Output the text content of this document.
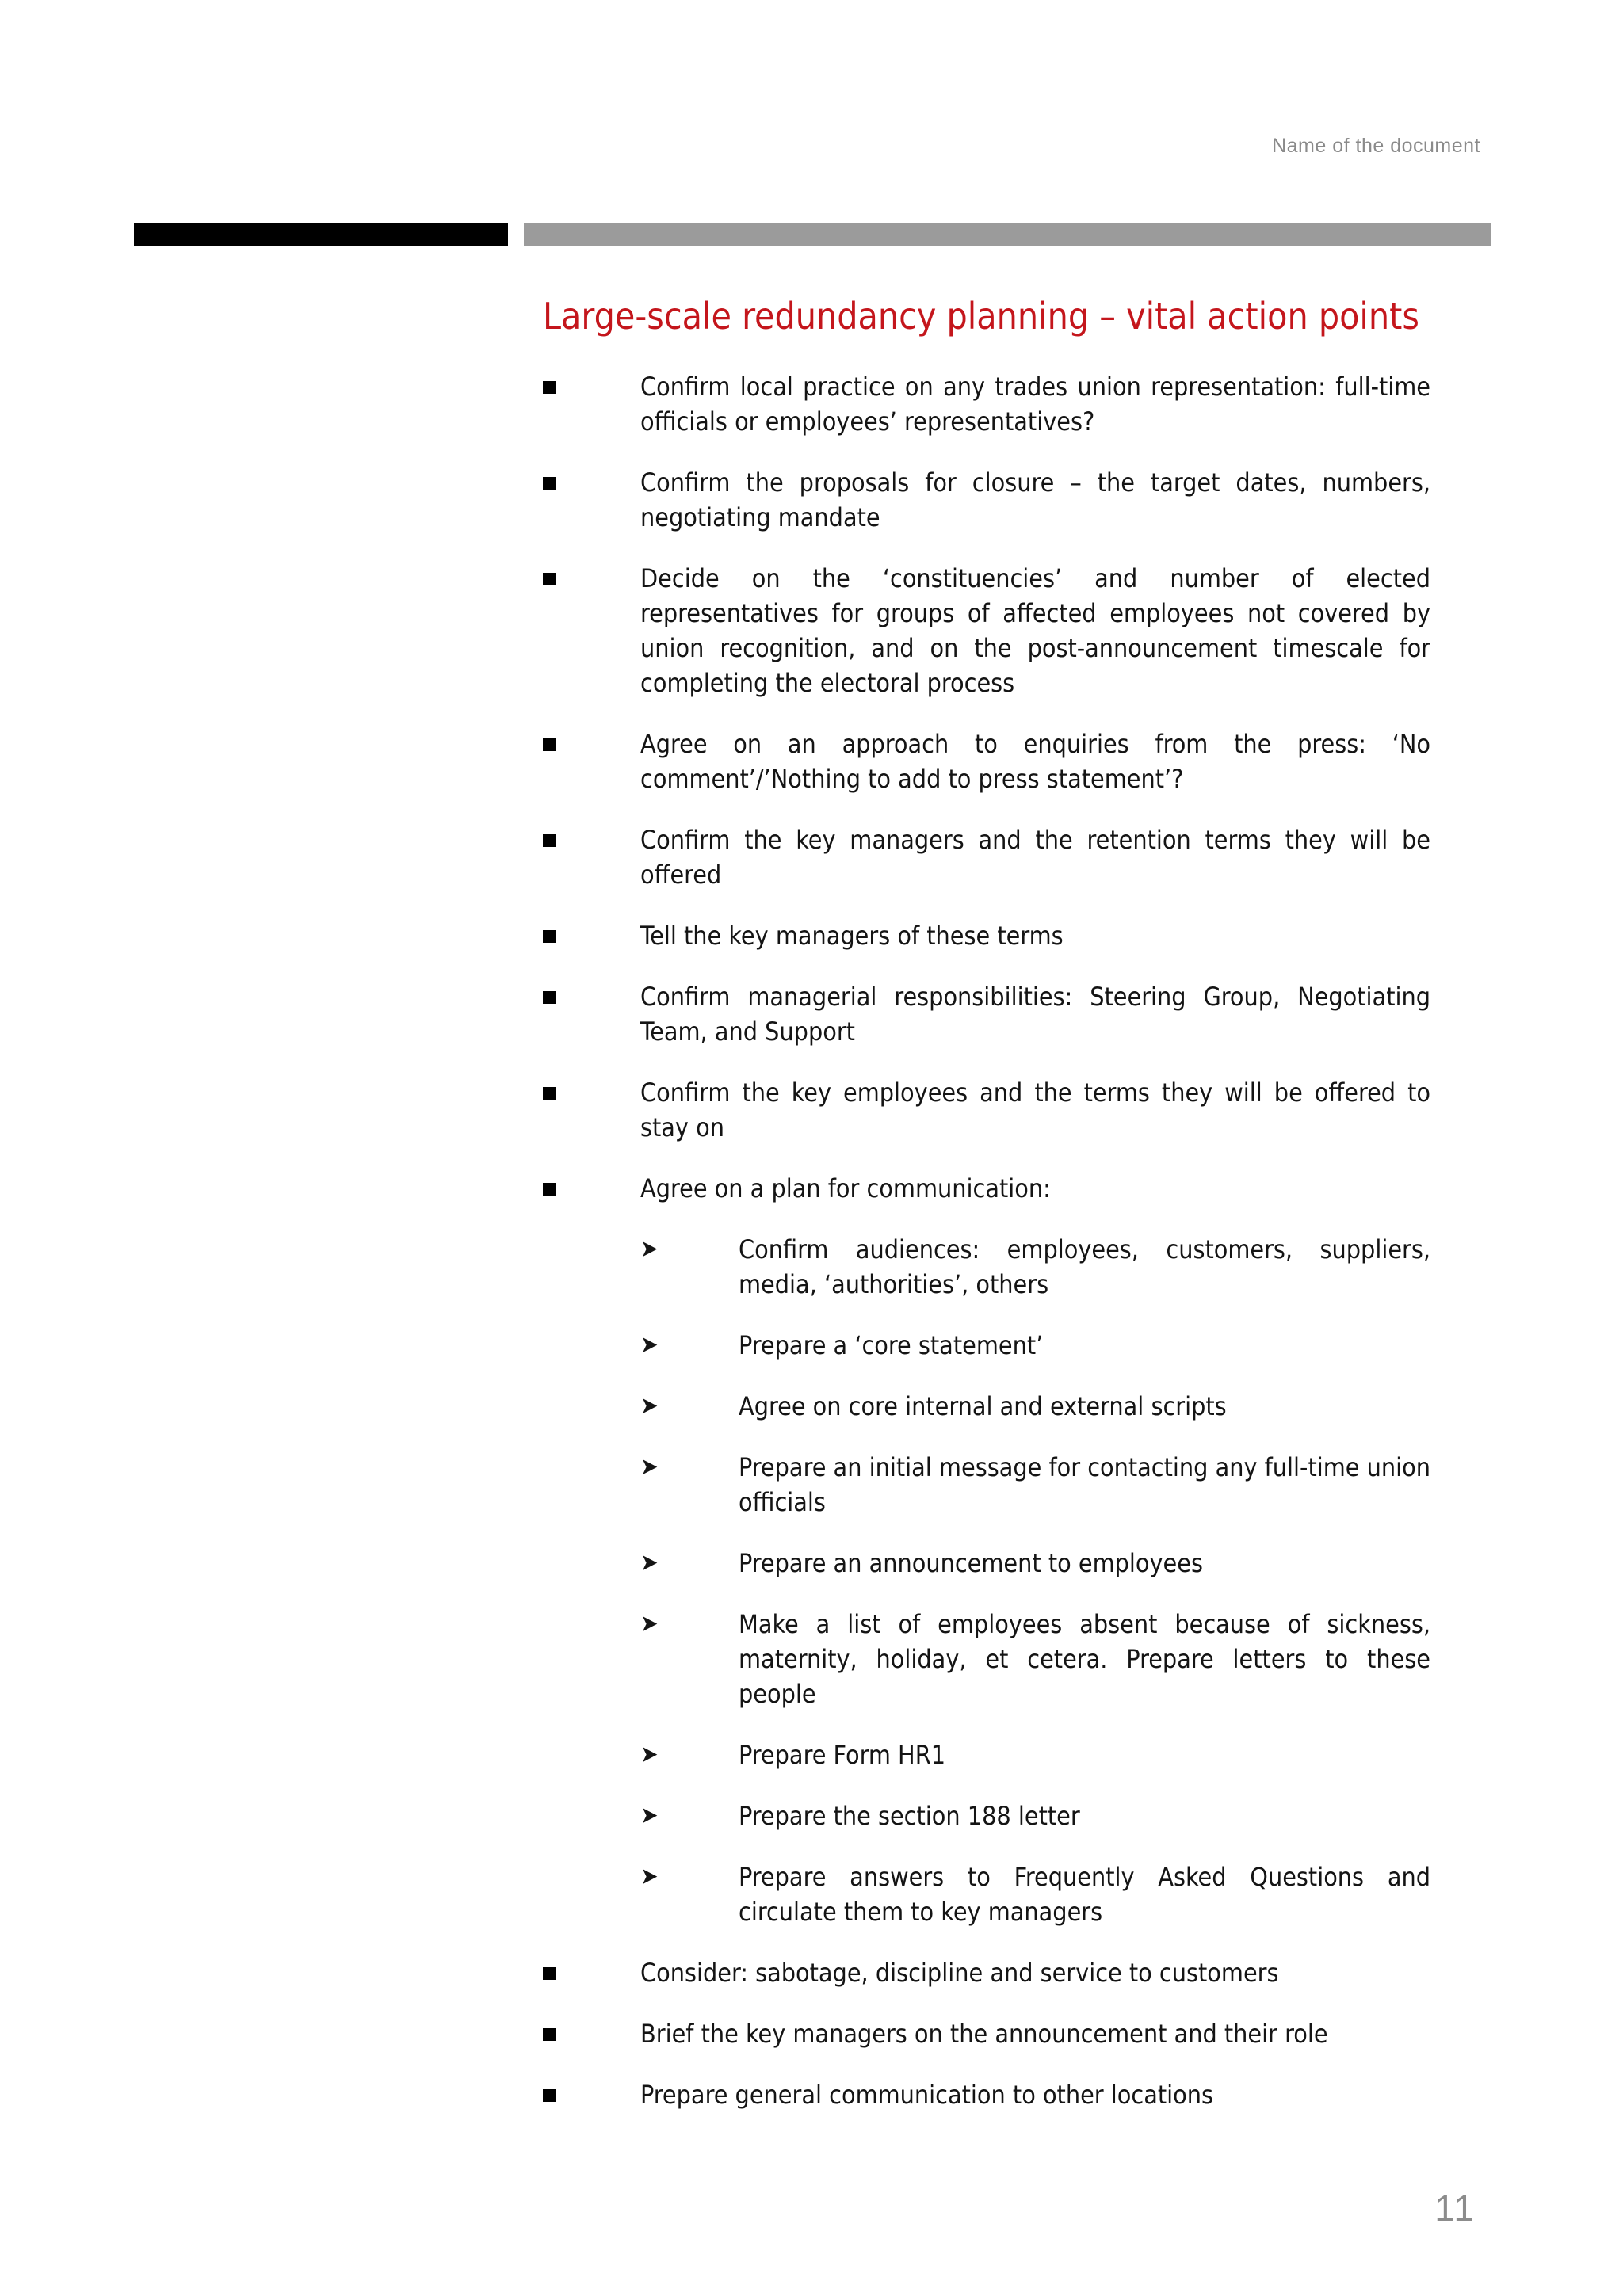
Name of the document
Large-scale redundancy planning – vital action points
Confirm local practice on any trades union representation: full-time officials or employees’ representatives?
Confirm the proposals for closure – the target dates, numbers, negotiating mandate
Decide on the ‘constituencies’ and number of elected representatives for groups of affected employees not covered by union recognition, and on the post-announcement timescale for completing the electoral process
Agree on an approach to enquiries from the press: ‘No comment’/’Nothing to add to press statement’?
Confirm the key managers and the retention terms they will be offered
Tell the key managers of these terms
Confirm managerial responsibilities: Steering Group, Negotiating Team, and Support
Confirm the key employees and the terms they will be offered to stay on
Agree on a plan for communication:
➤	Confirm audiences: employees, customers, suppliers, media, ‘authorities’, others
➤	Prepare a ‘core statement’
➤	Agree on core internal and external scripts
➤	Prepare an initial message for contacting any full-time union officials
➤	Prepare an announcement to employees
➤	Make a list of employees absent because of sickness, maternity, holiday, et cetera. Prepare letters to these people
➤	Prepare Form HR1
➤	Prepare the section 188 letter
➤	Prepare answers to Frequently Asked Questions and circulate them to key managers
Consider: sabotage, discipline and service to customers
Brief the key managers on the announcement and their role
Prepare general communication to other locations
11
